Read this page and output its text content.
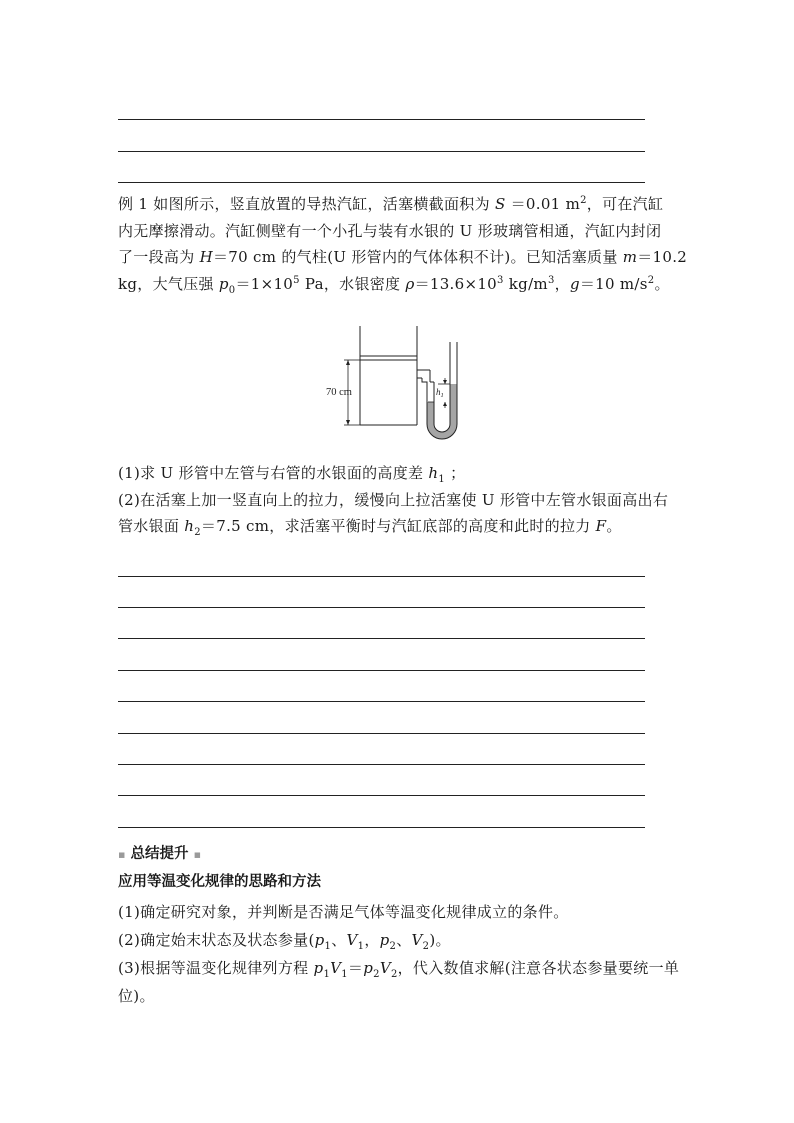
例 1 如图所示，竖直放置的导热汽缸，活塞横截面积为 S ＝0.01 $m^2$，可在汽缸
内无摩擦滑动。汽缸侧壁有一个小孔与装有水银的 U 形玻璃管相通，汽缸内封闭
了一段高为 H＝70 cm 的气柱(U 形管内的气体体积不计)。已知活塞质量 m＝10.2
kg，大气压强 $p_0=1\times 10^5$ Pa，水银密度 $\rho=13.6\times 10^3$ $kg/m^3$，g＝10 $m/s^2$。
70 cm	$h_1$
(1)求 U 形管中左管与右管的水银面的高度差 $h_1$ ；
(2)在活塞上加一竖直向上的拉力，缓慢向上拉活塞使 U 形管中左管水银面高出右
管水银面 $h_2=7.5$ cm，求活塞平衡时与汽缸底部的高度和此时的拉力 F。
▪ 总结提升 ▪
应用等温变化规律的思路和方法
(1)确定研究对象，并判断是否满足气体等温变化规律成立的条件。
(2)确定始末状态及状态参量($p_1$、$V_1$，$p_2$、$V_2$)。
(3)根据等温变化规律列方程 $p_1V_1=p_2V_2$，代入数值求解(注意各状态参量要统一单
位)。
